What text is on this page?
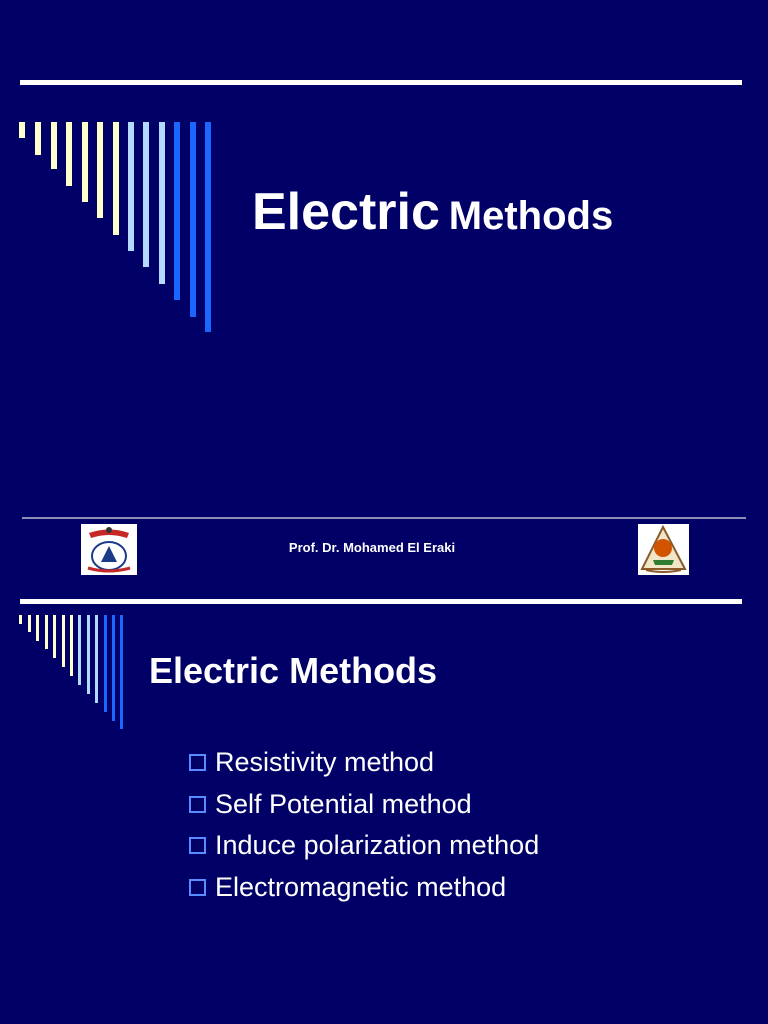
Electric Methods
Prof. Dr. Mohamed El Eraki
Electric Methods
Resistivity method
Self Potential method
Induce polarization method
Electromagnetic method
